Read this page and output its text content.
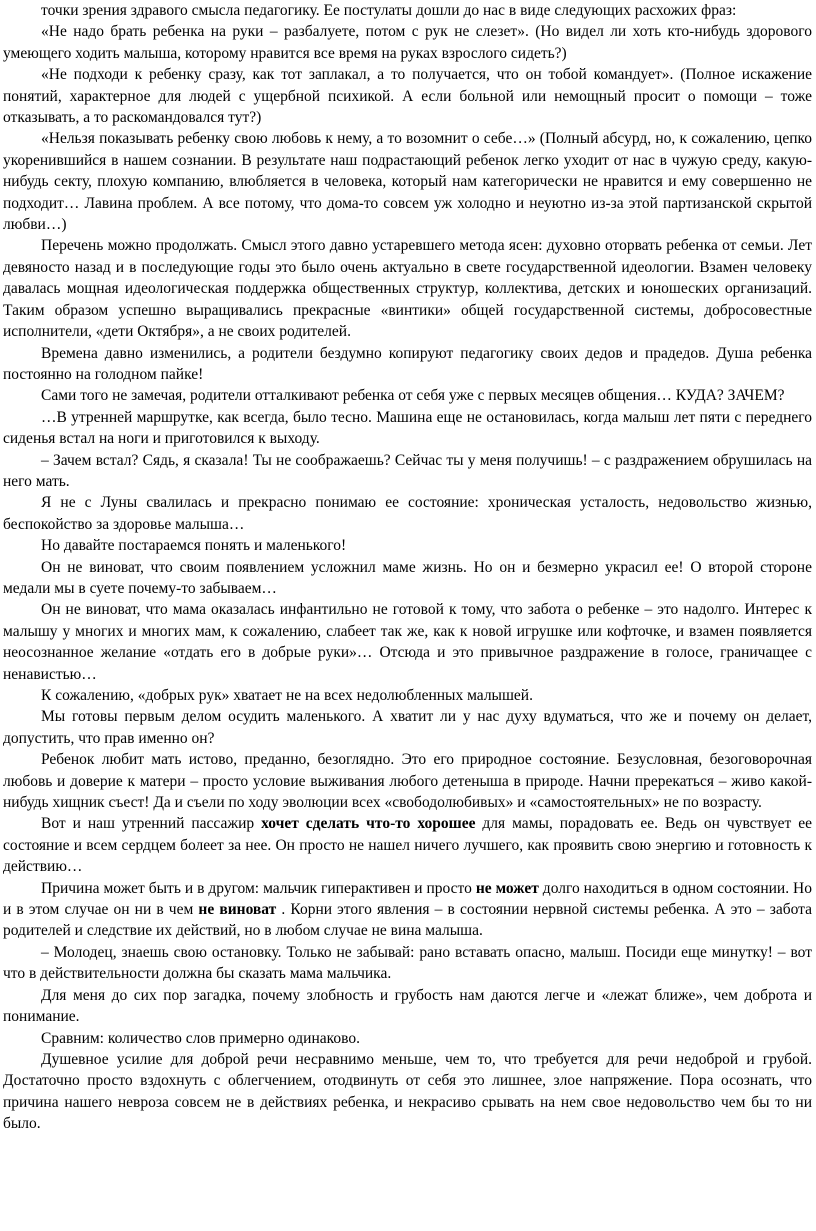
точки зрения здравого смысла педагогику. Ее постулаты дошли до нас в виде следующих расхожих фраз:

«Не надо брать ребенка на руки – разбалуете, потом с рук не слезет». (Но видел ли хоть кто-нибудь здорового умеющего ходить малыша, которому нравится все время на руках взрослого сидеть?)

«Не подходи к ребенку сразу, как тот заплакал, а то получается, что он тобой командует». (Полное искажение понятий, характерное для людей с ущербной психикой. А если больной или немощный просит о помощи – тоже отказывать, а то раскомандовался тут?)

«Нельзя показывать ребенку свою любовь к нему, а то возомнит о себе…» (Полный абсурд, но, к сожалению, цепко укоренившийся в нашем сознании. В результате наш подрастающий ребенок легко уходит от нас в чужую среду, какую-нибудь секту, плохую компанию, влюбляется в человека, который нам категорически не нравится и ему совершенно не подходит… Лавина проблем. А все потому, что дома-то совсем уж холодно и неуютно из-за этой партизанской скрытой любви…)

Перечень можно продолжать. Смысл этого давно устаревшего метода ясен: духовно оторвать ребенка от семьи. Лет девяносто назад и в последующие годы это было очень актуально в свете государственной идеологии. Взамен человеку давалась мощная идеологическая поддержка общественных структур, коллектива, детских и юношеских организаций. Таким образом успешно выращивались прекрасные «винтики» общей государственной системы, добросовестные исполнители, «дети Октября», а не своих родителей.

Времена давно изменились, а родители бездумно копируют педагогику своих дедов и прадедов. Душа ребенка постоянно на голодном пайке!

Сами того не замечая, родители отталкивают ребенка от себя уже с первых месяцев общения… КУДА? ЗАЧЕМ?

…В утренней маршрутке, как всегда, было тесно. Машина еще не остановилась, когда малыш лет пяти с переднего сиденья встал на ноги и приготовился к выходу.

– Зачем встал? Сядь, я сказала! Ты не соображаешь? Сейчас ты у меня получишь! – с раздражением обрушилась на него мать.

Я не с Луны свалилась и прекрасно понимаю ее состояние: хроническая усталость, недовольство жизнью, беспокойство за здоровье малыша…

Но давайте постараемся понять и маленького!

Он не виноват, что своим появлением усложнил маме жизнь. Но он и безмерно украсил ее! О второй стороне медали мы в суете почему-то забываем…

Он не виноват, что мама оказалась инфантильно не готовой к тому, что забота о ребенке – это надолго. Интерес к малышу у многих и многих мам, к сожалению, слабеет так же, как к новой игрушке или кофточке, и взамен появляется неосознанное желание «отдать его в добрые руки»… Отсюда и это привычное раздражение в голосе, граничащее с ненавистью…

К сожалению, «добрых рук» хватает не на всех недолюбленных малышей.

Мы готовы первым делом осудить маленького. А хватит ли у нас духу вдуматься, что же и почему он делает, допустить, что прав именно он?

Ребенок любит мать истово, преданно, безоглядно. Это его природное состояние. Безусловная, безоговорочная любовь и доверие к матери – просто условие выживания любого детеныша в природе. Начни пререкаться – живо какой-нибудь хищник съест! Да и съели по ходу эволюции всех «свободолюбивых» и «самостоятельных» не по возрасту.

Вот и наш утренний пассажир хочет сделать что-то хорошее для мамы, порадовать ее. Ведь он чувствует ее состояние и всем сердцем болеет за нее. Он просто не нашел ничего лучшего, как проявить свою энергию и готовность к действию…

Причина может быть и в другом: мальчик гиперактивен и просто не может долго находиться в одном состоянии. Но и в этом случае он ни в чем не виноват . Корни этого явления – в состоянии нервной системы ребенка. А это – забота родителей и следствие их действий, но в любом случае не вина малыша.

– Молодец, знаешь свою остановку. Только не забывай: рано вставать опасно, малыш. Посиди еще минутку! – вот что в действительности должна бы сказать мама мальчика.

Для меня до сих пор загадка, почему злобность и грубость нам даются легче и «лежат ближе», чем доброта и понимание.

Сравним: количество слов примерно одинаково.

Душевное усилие для доброй речи несравнимо меньше, чем то, что требуется для речи недоброй и грубой. Достаточно просто вздохнуть с облегчением, отодвинуть от себя это лишнее, злое напряжение. Пора осознать, что причина нашего невроза совсем не в действиях ребенка, и некрасиво срывать на нем свое недовольство чем бы то ни было.
